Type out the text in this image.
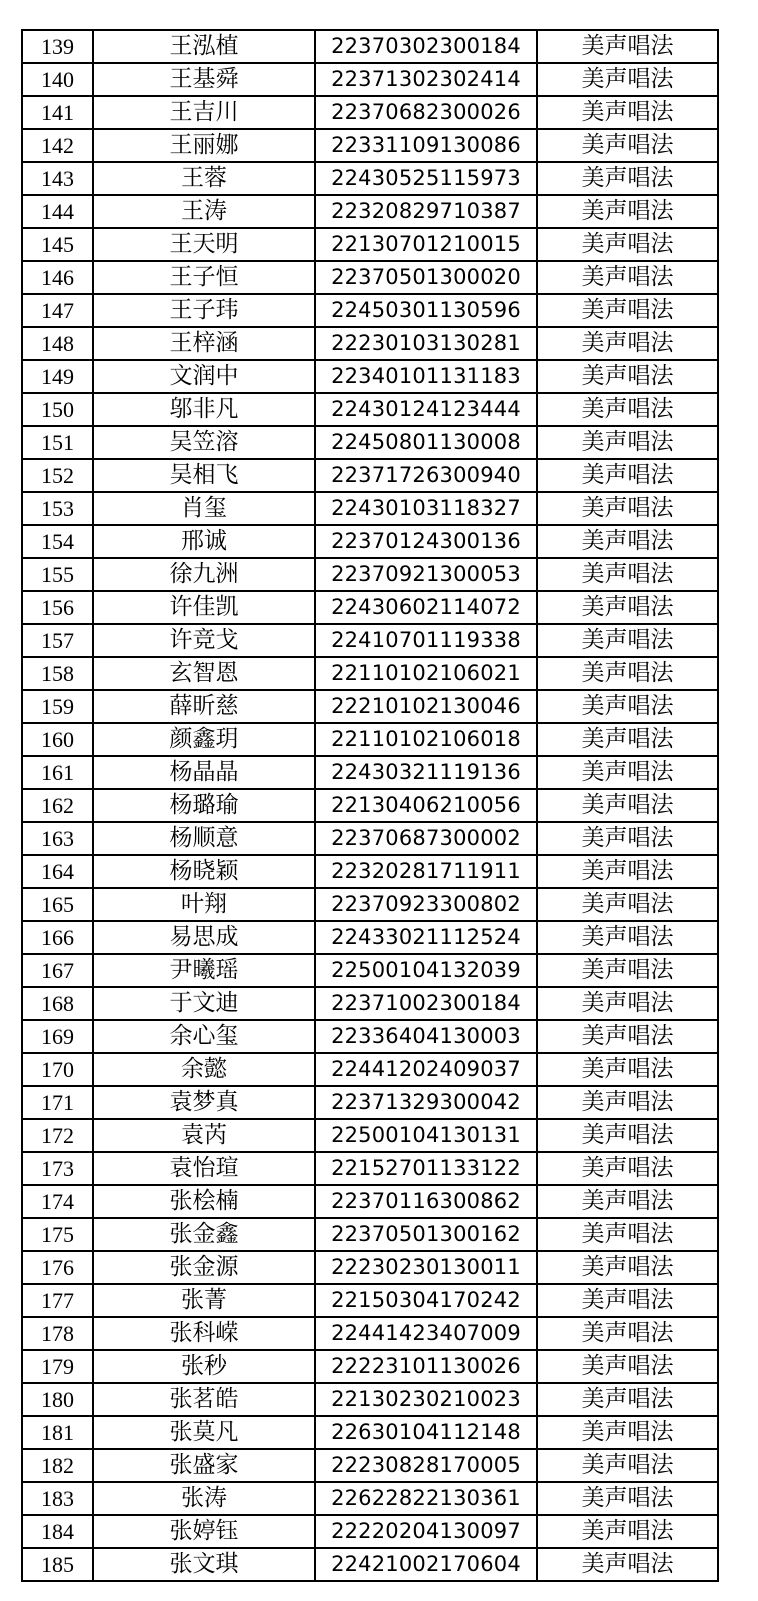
139	王泓植	22370302300184	美声唱法
140	王基舜	22371302302414	美声唱法
141	王吉川	22370682300026	美声唱法
142	王丽娜	22331109130086	美声唱法
143	王蓉	22430525115973	美声唱法
144	王涛	22320829710387	美声唱法
145	王天明	22130701210015	美声唱法
146	王子恒	22370501300020	美声唱法
147	王子玮	22450301130596	美声唱法
148	王梓涵	22230103130281	美声唱法
149	文润中	22340101131183	美声唱法
150	邬非凡	22430124123444	美声唱法
151	吴笠溶	22450801130008	美声唱法
152	吴相飞	22371726300940	美声唱法
153	肖玺	22430103118327	美声唱法
154	邢诚	22370124300136	美声唱法
155	徐九洲	22370921300053	美声唱法
156	许佳凯	22430602114072	美声唱法
157	许竞戈	22410701119338	美声唱法
158	玄智恩	22110102106021	美声唱法
159	薛昕慈	22210102130046	美声唱法
160	颜鑫玥	22110102106018	美声唱法
161	杨晶晶	22430321119136	美声唱法
162	杨璐瑜	22130406210056	美声唱法
163	杨顺意	22370687300002	美声唱法
164	杨晓颖	22320281711911	美声唱法
165	叶翔	22370923300802	美声唱法
166	易思成	22433021112524	美声唱法
167	尹曦瑶	22500104132039	美声唱法
168	于文迪	22371002300184	美声唱法
169	余心玺	22336404130003	美声唱法
170	余懿	22441202409037	美声唱法
171	袁梦真	22371329300042	美声唱法
172	袁芮	22500104130131	美声唱法
173	袁怡瑄	22152701133122	美声唱法
174	张桧楠	22370116300862	美声唱法
175	张金鑫	22370501300162	美声唱法
176	张金源	22230230130011	美声唱法
177	张菁	22150304170242	美声唱法
178	张科嵘	22441423407009	美声唱法
179	张秒	22223101130026	美声唱法
180	张茗皓	22130230210023	美声唱法
181	张莫凡	22630104112148	美声唱法
182	张盛家	22230828170005	美声唱法
183	张涛	22622822130361	美声唱法
184	张婷钰	22220204130097	美声唱法
185	张文琪	22421002170604	美声唱法
